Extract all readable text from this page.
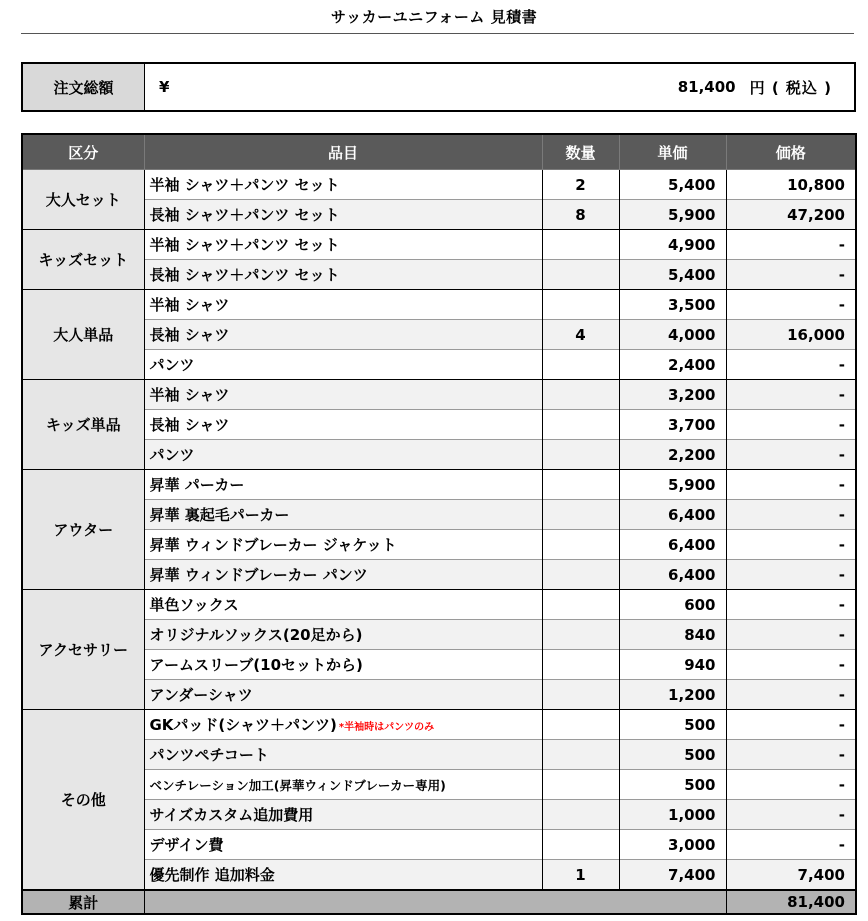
サッカーユニフォーム 見積書
注文総額	¥	81,400 円 ( 税込 )
区分	品目	数量	単価	価格
大人セット	半袖 シャツ＋パンツ セット	2	5,400	10,800
	長袖 シャツ＋パンツ セット	8	5,900	47,200
キッズセット	半袖 シャツ＋パンツ セット		4,900	-
	長袖 シャツ＋パンツ セット		5,400	-
大人単品	半袖 シャツ		3,500	-
	長袖 シャツ	4	4,000	16,000
	パンツ		2,400	-
キッズ単品	半袖 シャツ		3,200	-
	長袖 シャツ		3,700	-
	パンツ		2,200	-
アウター	昇華 パーカー		5,900	-
	昇華 裏起毛パーカー		6,400	-
	昇華 ウィンドブレーカー ジャケット		6,400	-
	昇華 ウィンドブレーカー パンツ		6,400	-
アクセサリー	単色ソックス		600	-
	オリジナルソックス(20足から)		840	-
	アームスリーブ(10セットから)		940	-
	アンダーシャツ		1,200	-
その他	GKパッド(シャツ＋パンツ) *半袖時はパンツのみ		500	-
	パンツペチコート		500	-
	ベンチレーション加工(昇華ウィンドブレーカー専用)		500	-
	サイズカスタム追加費用		1,000	-
	デザイン費		3,000	-
	優先制作 追加料金	1	7,400	7,400
累計				81,400
